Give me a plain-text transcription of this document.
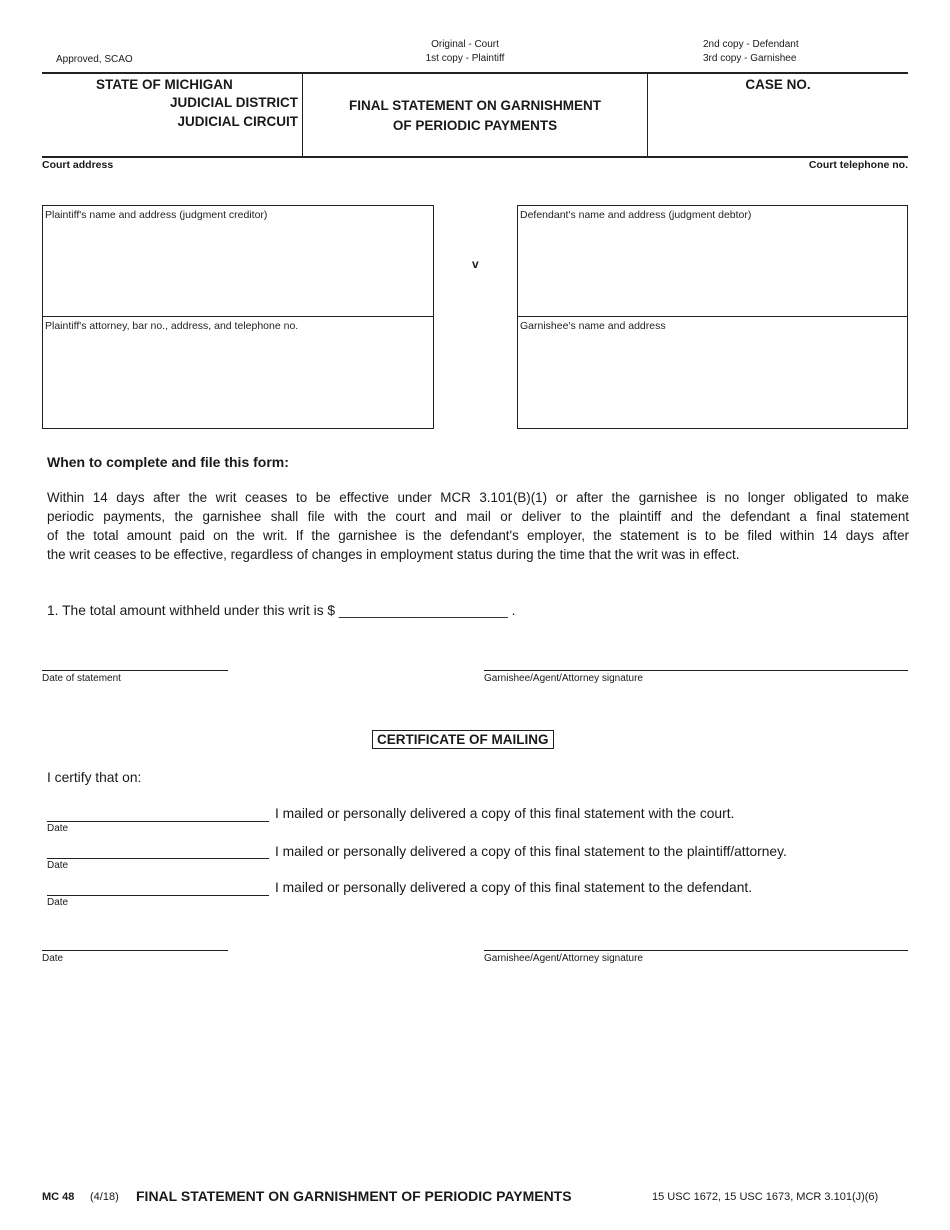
Approved, SCAO
Original - Court
1st copy - Plaintiff
2nd copy - Defendant
3rd copy - Garnishee
STATE OF MICHIGAN
JUDICIAL DISTRICT
JUDICIAL CIRCUIT
FINAL STATEMENT ON GARNISHMENT
OF PERIODIC PAYMENTS
CASE NO.
Court address	Court telephone no.
Plaintiff's name and address (judgment creditor)
Plaintiff's attorney, bar no., address, and telephone no.
v
Defendant's name and address (judgment debtor)
Garnishee's name and address
When to complete and file this form:
Within 14 days after the writ ceases to be effective under MCR 3.101(B)(1) or after the garnishee is no longer obligated to make
periodic payments, the garnishee shall file with the court and mail or deliver to the plaintiff and the defendant a final statement
of the total amount paid on the writ. If the garnishee is the defendant's employer, the statement is to be filed within 14 days after
the writ ceases to be effective, regardless of changes in employment status during the time that the writ was in effect.
1. The total amount withheld under this writ is $ ______________________ .
Date of statement	Garnishee/Agent/Attorney signature
CERTIFICATE OF MAILING
I certify that on:
Date
I mailed or personally delivered a copy of this final statement with the court.
Date
I mailed or personally delivered a copy of this final statement to the plaintiff/attorney.
Date
I mailed or personally delivered a copy of this final statement to the defendant.
Date	Garnishee/Agent/Attorney signature
MC 48 (4/18) FINAL STATEMENT ON GARNISHMENT OF PERIODIC PAYMENTS	15 USC 1672, 15 USC 1673, MCR 3.101(J)(6)
